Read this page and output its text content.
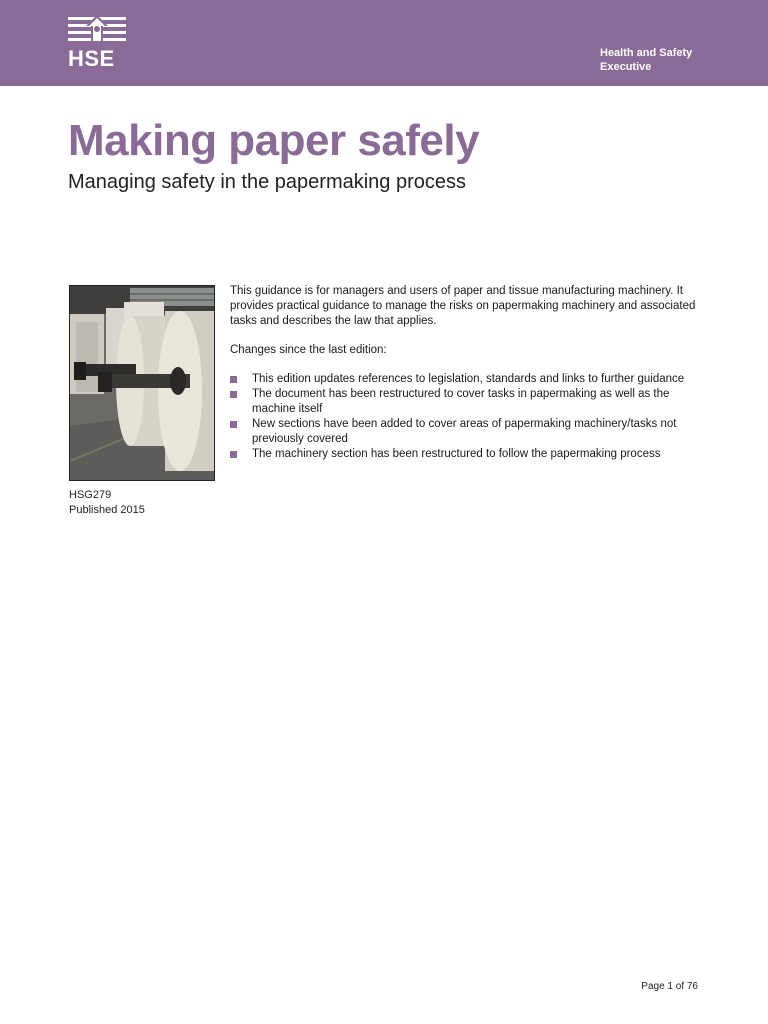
HSE	Health and Safety
Executive
Making paper safely
Managing safety in the papermaking process
HSG279
Published 2015

This guidance is for managers and users of paper and tissue manufacturing machinery. It provides practical guidance to manage the risks on papermaking machinery and associated tasks and describes the law that applies.

Changes since the last edition:

This edition updates references to legislation, standards and links to further guidance
The document has been restructured to cover tasks in papermaking as well as the machine itself
New sections have been added to cover areas of papermaking machinery/tasks not previously covered
The machinery section has been restructured to follow the papermaking process
Page 1 of 76
